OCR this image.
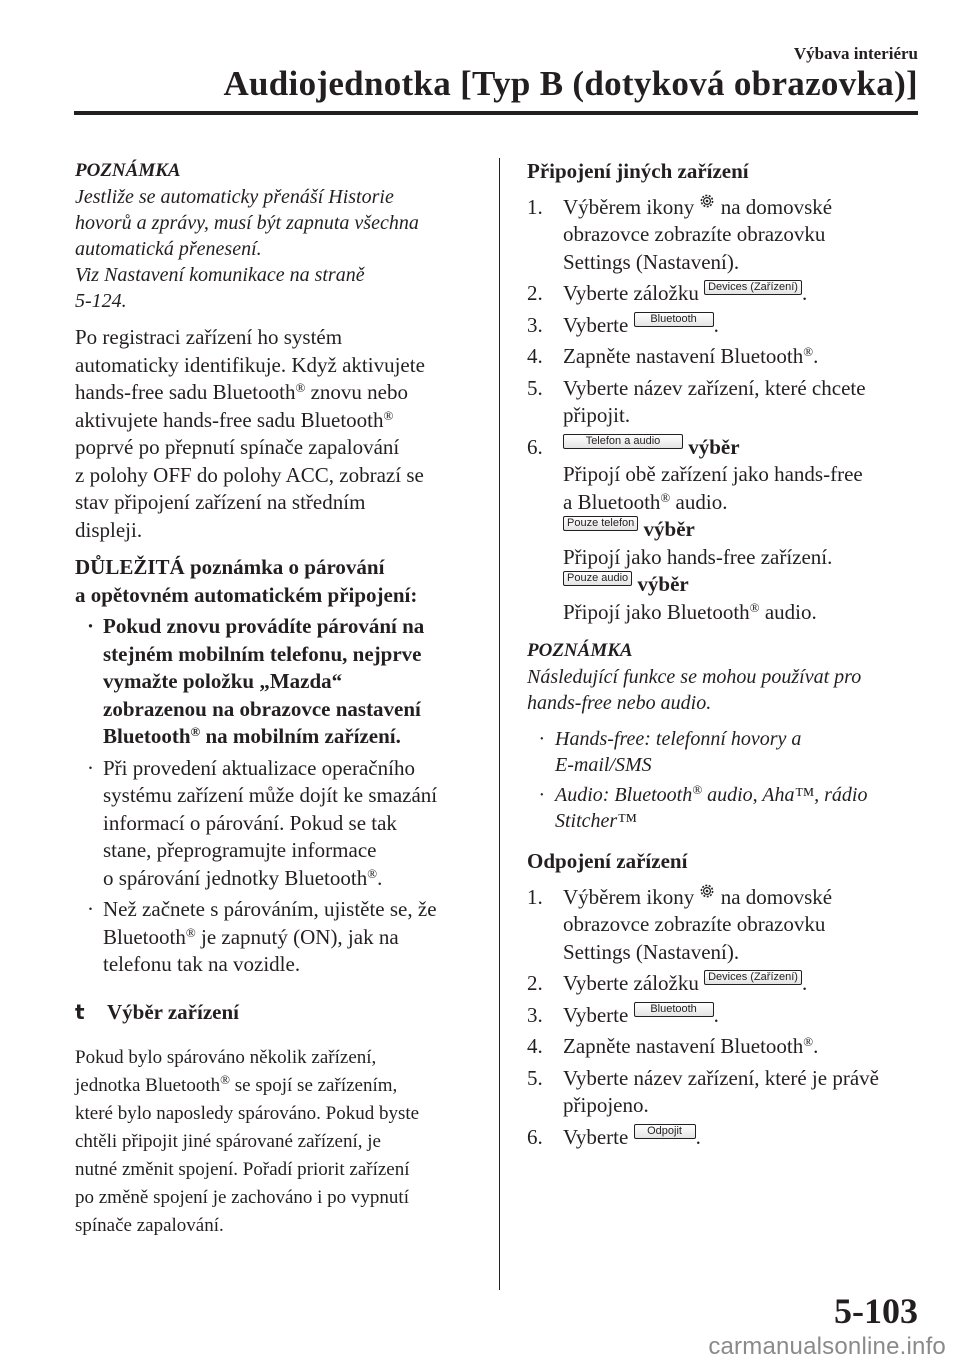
Výbava interiéru
Audiojednotka [Typ B (dotyková obrazovka)]

POZNÁMKA

Jestliže se automaticky přenáší Historie

hovorů a zprávy, musí být zapnuta všechna

automatická přenesení.

Viz Nastavení komunikace na straně

5-124.

Po registraci zařízení ho systém

automaticky identifikuje. Když aktivujete

hands-free sadu Bluetooth® znovu nebo

aktivujete hands-free sadu Bluetooth®

poprvé po přepnutí spínače zapalování

z polohy OFF do polohy ACC, zobrazí se

stav připojení zařízení na středním

displeji.

DŮLEŽITÁ poznámka o párování

a opětovném automatickém připojení:

· Pokud znovu provádíte párování na

stejném mobilním telefonu, nejprve

vymažte položku „Mazda“

zobrazenou na obrazovce nastavení

Bluetooth® na mobilním zařízení.

· Při provedení aktualizace operačního

systému zařízení může dojít ke smazání

informací o párování. Pokud se tak

stane, přeprogramujte informace

o spárování jednotky Bluetooth®.

· Než začnete s párováním, ujistěte se, že

Bluetooth® je zapnutý (ON), jak na

telefonu tak na vozidle.

t Výběr zařízení

Pokud bylo spárováno několik zařízení,

jednotka Bluetooth® se spojí se zařízením,

které bylo naposledy spárováno. Pokud byste

chtěli připojit jiné spárované zařízení, je

nutné změnit spojení. Pořadí priorit zařízení

po změně spojení je zachováno i po vypnutí

spínače zapalování.

Připojení jiných zařízení

1. Výběrem ikony na domovské

obrazovce zobrazíte obrazovku

Settings (Nastavení).

2. Vyberte záložku Devices (Zařízení) .

3. Vyberte Bluetooth .

4. Zapněte nastavení Bluetooth®.

5. Vyberte název zařízení, které chcete

připojit.

6.	Telefon a audio výběr

Připojí obě zařízení jako hands-free

a Bluetooth® audio.

Pouze telefon výběr

Připojí jako hands-free zařízení.

Pouze audio výběr

Připojí jako Bluetooth® audio.

POZNÁMKA

Následující funkce se mohou používat pro

hands-free nebo audio.

· Hands-free: telefonní hovory a

E-mail/SMS

· Audio: Bluetooth® audio, Aha™, rádio

Stitcher™

Odpojení zařízení

1. Výběrem ikony na domovské

obrazovce zobrazíte obrazovku

Settings (Nastavení).

2. Vyberte záložku Devices (Zařízení) .

3. Vyberte Bluetooth .

4. Zapněte nastavení Bluetooth®.

5. Vyberte název zařízení, které je právě

připojeno.

6. Vyberte Odpojit .

5-103
carmanualsonline.info
